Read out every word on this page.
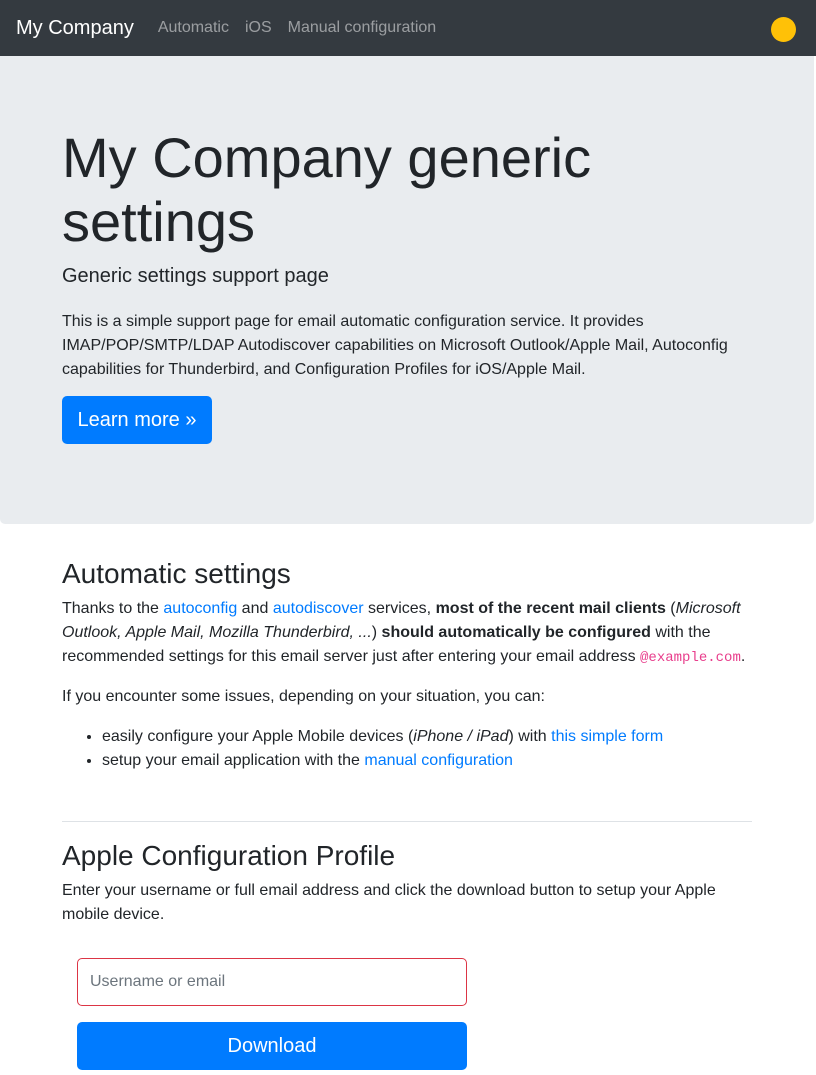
My Company Automatic iOS Manual configuration
My Company generic settings

Generic settings support page

This is a simple support page for email automatic configuration service. It provides IMAP/POP/SMTP/LDAP Autodiscover capabilities on Microsoft Outlook/Apple Mail, Autoconfig capabilities for Thunderbird, and Configuration Profiles for iOS/Apple Mail.

Learn more »
Automatic settings

Thanks to the autoconfig and autodiscover services, most of the recent mail clients (Microsoft Outlook, Apple Mail, Mozilla Thunderbird, ...) should automatically be configured with the recommended settings for this email server just after entering your email address @example.com.

If you encounter some issues, depending on your situation, you can:

• easily configure your Apple Mobile devices (iPhone / iPad) with this simple form
• setup your email application with the manual configuration
Apple Configuration Profile

Enter your username or full email address and click the download button to setup your Apple mobile device.

Username or email
Download
